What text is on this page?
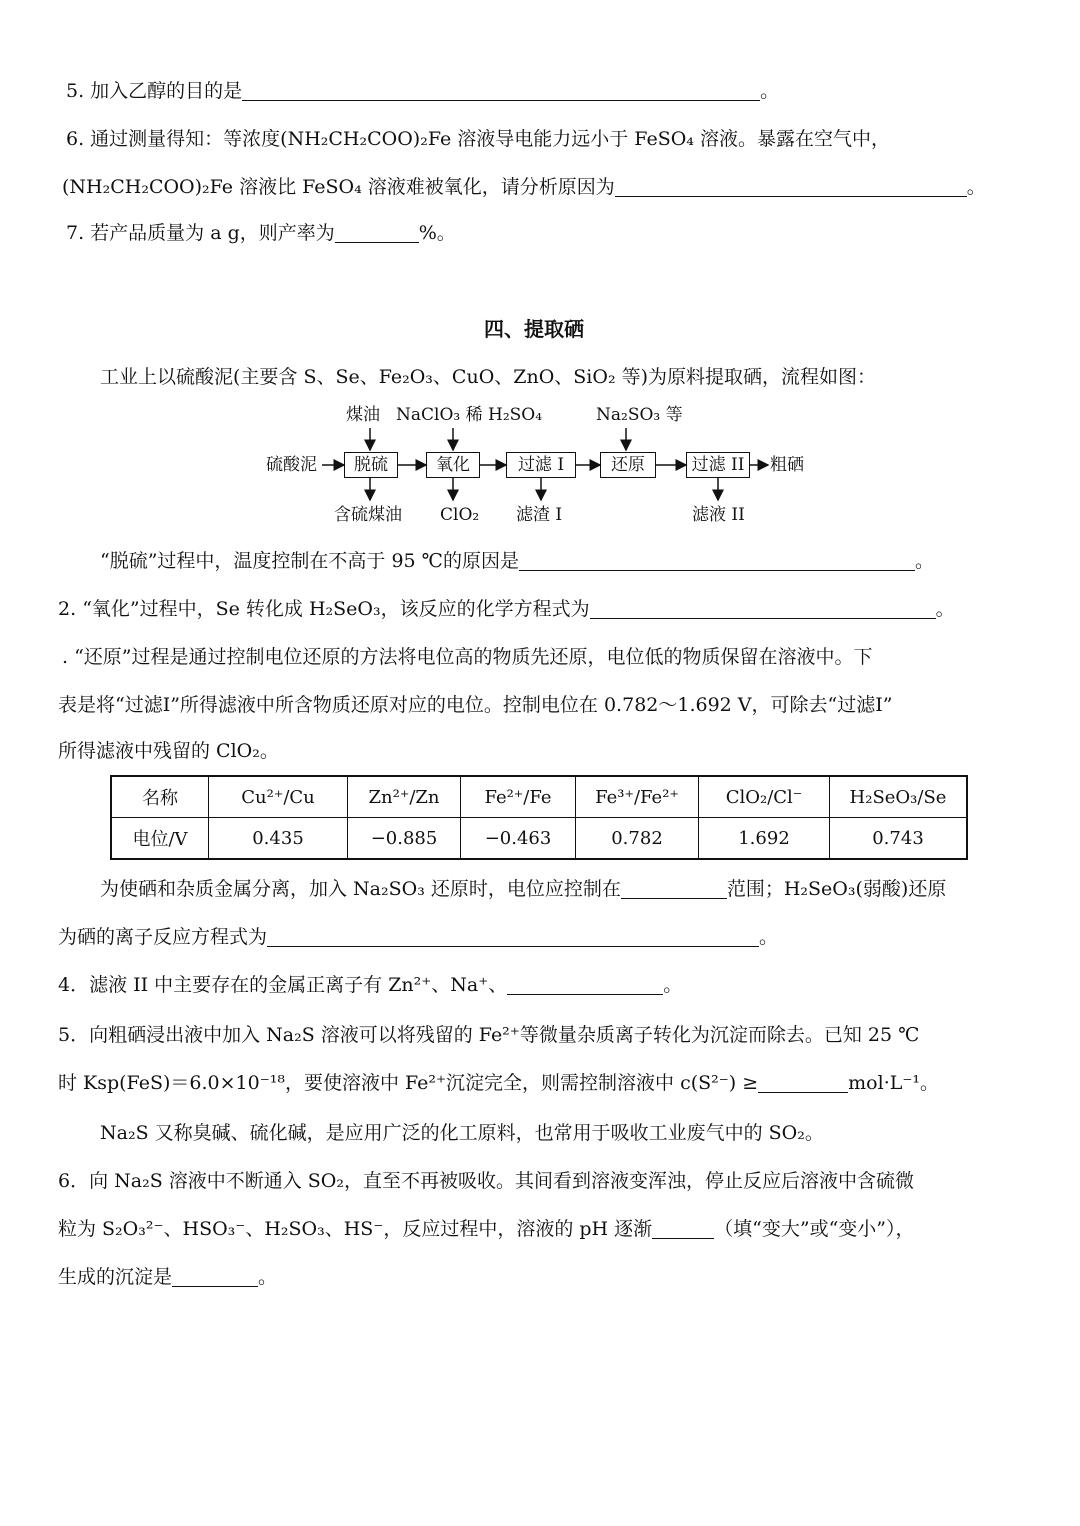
5. 加入乙醇的目的是	。
6. 通过测量得知：等浓度(NH₂CH₂COO)₂Fe 溶液导电能力远小于 FeSO₄ 溶液。暴露在空气中，
(NH₂CH₂COO)₂Fe 溶液比 FeSO₄ 溶液难被氧化，请分析原因为	。
7. 若产品质量为 a g，则产率为	%。
四、提取硒
工业上以硫酸泥(主要含 S、Se、Fe₂O₃、CuO、ZnO、SiO₂ 等)为原料提取硒，流程如图：
煤油 NaClO₃ 稀 H₂SO₄	Na₂SO₃ 等
硫酸泥	脱硫	氧化	过滤 I	还原	过滤 II	粗硒
含硫煤油 ClO₂ 滤渣 I	滤液 II
“脱硫”过程中，温度控制在不高于 95 ℃的原因是	。
2. “氧化”过程中，Se 转化成 H₂SeO₃，该反应的化学方程式为	。
. “还原”过程是通过控制电位还原的方法将电位高的物质先还原，电位低的物质保留在溶液中。下
表是将“过滤I”所得滤液中所含物质还原对应的电位。控制电位在 0.782～1.692 V，可除去“过滤I”
所得滤液中残留的 ClO₂。
名称	Cu²⁺/Cu	Zn²⁺/Zn	Fe²⁺/Fe	Fe³⁺/Fe²⁺	ClO₂/Cl⁻	H₂SeO₃/Se
电位/V	0.435	−0.885	−0.463	0.782	1.692	0.743
为使硒和杂质金属分离，加入 Na₂SO₃ 还原时，电位应控制在	范围；H₂SeO₃(弱酸)还原
为硒的离子反应方程式为	。
4．滤液 II 中主要存在的金属正离子有 Zn²⁺、Na⁺、	。
5．向粗硒浸出液中加入 Na₂S 溶液可以将残留的 Fe²⁺等微量杂质离子转化为沉淀而除去。已知 25 ℃
时 Ksp(FeS)＝6.0×10⁻¹⁸，要使溶液中 Fe²⁺沉淀完全，则需控制溶液中 c(S²⁻) ≥	mol·L⁻¹。
Na₂S 又称臭碱、硫化碱，是应用广泛的化工原料，也常用于吸收工业废气中的 SO₂。
6．向 Na₂S 溶液中不断通入 SO₂，直至不再被吸收。其间看到溶液变浑浊，停止反应后溶液中含硫微
粒为 S₂O₃²⁻、HSO₃⁻、H₂SO₃、HS⁻，反应过程中，溶液的 pH 逐渐	（填“变大”或“变小”），
生成的沉淀是	。
